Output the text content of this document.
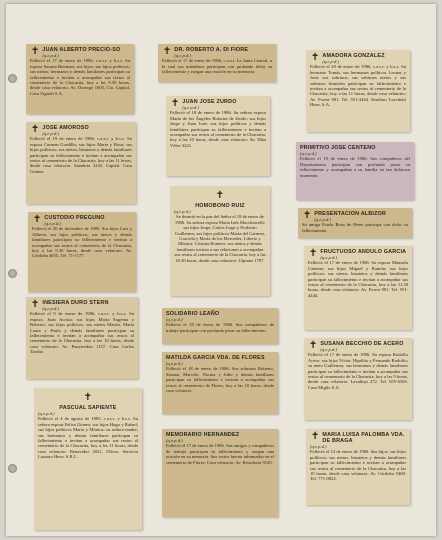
✝ JUAN ALBERTO PRECIO-SO
(q.e.p.d.)
Falleció el 17 de enero de 1986, c.a.s.r. y b.s.s. Su esposa Susana Bierman; sus hijos; sus hijos políticos; sus nietos; hermanos y demás familiares participan su fallecimiento e invitan a acompañar sus restos al cementerio de la Chacarita, hoy a las 9.30 horas, desde casa velatorio: Av. Dorrego 1605, Cía. Capital, Casa Vignoli S.A.
✝ JOSE AMOROSO
(q.e.p.d.)
Falleció el 19 de enero de 1986, c.a.s.r. y b.s.s. Su esposa Carmen Gordillo; sus hijos Marta y Rosa; sus hijos políticos; sus nietos; bisnietos y demás familiares participan su fallecimiento e invitan a acompañar sus restos al cementerio de la Chacarita, hoy a las 11 horas, desde casa velatorio: Sanabria 2245, Capital. Casa Gómez.
✝ CUSTODIO PREGUNO
(q.e.p.d.)
Falleció el 20 de diciembre de 1985. Sus hijos Luis y Alberto; sus hijos políticos; sus nietos y demás familiares participan su fallecimiento e invitan a acompañar sus restos al cementerio de la Chacarita, hoy a las 9.30 horas, desde casa velatorio: Av. Córdoba 4655. Tel. 71-1177.
✝ INESIERA DURO STERN
(q.e.p.d.)
Falleció el 9 de enero de 1986, c.a.s.r. y b.s.s. Su esposo, Juan Acosta; sus hijos María Eugenia y Roberto; sus hijos políticos; sus nietos Martín, María Laura y Paula y demás familiares participan su fallecimiento e invitan a acompañar sus restos al cementerio de la Chacarita, hoy a las 10 horas, desde casa velatorio: Av. Pueyrredón 1157. Casa Carlos Taroba.
✝
PASCUAL SAPIENTE
(q.e.p.d.)
Falleció el 4 de agosto de 1985, c.a.s.r. y b.s.s. Su señora esposa Felisa Gómez; sus hijos Hugo y Rafael; sus hijos políticos María y Mónica; su señora madre; sus hermanos y demás familiares participan su fallecimiento e invitan a acompañar sus restos al cementerio de la Chacarita, hoy a las 11 horas, desde casa velatorio: Benavidez 2021, Olivos. Servicio Lazzaro Hnos. S.R.L.
✝ DR. ROBERTO A. DI FIORE
(q.e.p.d.)
Falleció el 17 de enero de 1986, c.a.s.r. La Junta Central, a la cual sus miembros participan con profundo dolor su fallecimiento y ruegan una oración en su memoria.
✝ JUAN JOSE ZURDO
(q.e.p.d.)
Falleció el 18 de enero de 1986. Su señora esposa María de los Ángeles Botorini de Zurdo; sus hijos Jorge y Juan José; sus hijos políticos y demás familiares participan su fallecimiento e invitan a acompañar sus restos al cementerio de la Chacarita, hoy a las 10 horas, desde casa velatorio: Av. Díaz Vélez 3221.
✝
HOMOBONO RUIZ
(q.e.p.d.)
Se durmió en la paz del Señor el 18 de enero de 1986. Su señora esposa María Inés Macchiavelli; sus hijos Jorge, Carlos Jorge y Norberto Guillermo; sus hijos políticos María del Carmen, Graciela y María de los Mercedes, Liberto y Mónica; Cristina Romero; sus nietos y demás familiares invitan a sus relaciones a acompañar sus restos al cementerio de la Chacarita, hoy a las 10.30 horas, desde casa velatorio: Ulpiano 1787.
SOLIDARIO LEAÑO
(q.e.p.d.)
Falleció el 18 de enero de 1986. Sus compañeros de trabajo participan con profundo pesar su fallecimiento.
MATILDA GARCIA VDA. DE FLORES
(q.e.p.d.)
Falleció el 18 de enero de 1986. Sus sobrinos Roberto, Susana, Marcelo, Norma y Julio y demás familiares participan su fallecimiento e invitan a acompañar sus restos al cementerio de Flores, hoy a las 10 horas, desde casa velatorio.
MEMORARIO HERNANDEZ
(q.e.p.d.)
Falleció el 17 de enero de 1986. Sus amigos y compañeros de trabajo participan su fallecimiento y ruegan una oración en su memoria. Sus restos fueron inhumados en el cementerio de Flores. Casa velatorio: Av. Rivadavia 9120.
✝ AMADORA GONZALEZ
(q.e.p.d.)
Falleció el 20 de enero de 1986, c.a.s.r. y b.s.s. Su hermano Tomás, sus hermanos políticos Leonor y José; sus sobrinos; sus sobrinos nietos y sus sobrinos bisnietos participan su fallecimiento e invitan a acompañar sus restos al cementerio de la Chacarita, hoy a las 11 horas, desde casa velatorio: Av. Forest 901. Tel. 551-4444. Serafino Lucchetti Hnos. S.A.
PRIMITIVO JOSE CENTENO
(q.e.p.d.)
Falleció el 19 de enero de 1986. Sus compañeros del Departamento participan con profundo pesar su fallecimiento y acompañan a su familia en tan doloroso momento.
✝ PRESENTACION ALBIZOR
(q.e.p.d.)
Su amiga Estela Rosa de Pérez participa con dolor su fallecimiento.
✝ FRUCTUOSO ANDULO GARCIA
(q.e.p.d.)
Falleció el 17 de enero de 1986. Su esposa Manuela Caetano; sus hijos Miguel y Ramón; sus hijos políticos; sus nietos, bisnietos y demás familiares participan su fallecimiento e invitan a acompañar sus restos al cementerio de la Chacarita, hoy a las 11.30 horas, desde casa velatorio: Av. Forest 901. Tel. 551-4444.
✝ SUSANA BECCHIO DE ACERO
(q.e.p.d.)
Falleció el 17 de enero de 1986. Su esposo Rodolfo Acero; sus hijos Víctor, Hipólito y Fernando Rodolfo; su nieto Guillermo; sus hermanos y demás familiares participan su fallecimiento e invitan a acompañar sus restos al cementerio de la Chacarita, hoy a las 9 horas, desde casa velatorio: Lavalleja 272. Tel. 855-6565. Casa Miglio S.A.
✝ MARIA LUISA PALOMBA VDA. DE BRAGA
(q.e.p.d.)
Falleció el 14 de enero de 1986. Sus hijos; sus hijos políticos; sus nietos, bisnietos y demás familiares participan su fallecimiento e invitan a acompañar sus restos al cementerio de la Chacarita, hoy a las 10 horas, desde casa velatorio: Av. Córdoba 5400. Tel. 771-0822.
